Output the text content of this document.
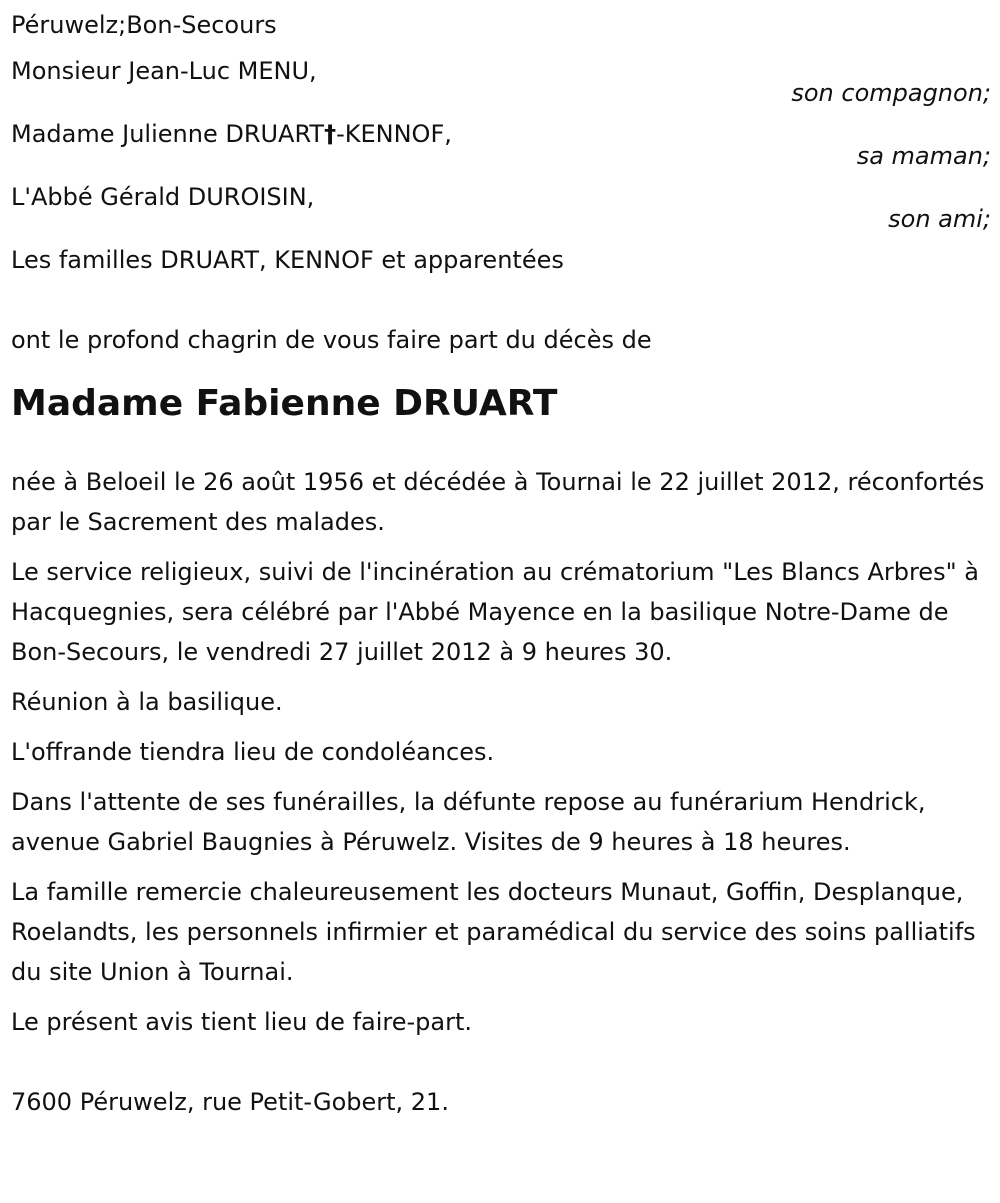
Péruwelz;Bon-Secours

Monsieur Jean-Luc MENU,
son compagnon;
Madame Julienne DRUART†-KENNOF,
sa maman;
L'Abbé Gérald DUROISIN,
son ami;

Les familles DRUART, KENNOF et apparentées

ont le profond chagrin de vous faire part du décès de

Madame Fabienne DRUART

née à Beloeil le 26 août 1956 et décédée à Tournai le 22 juillet 2012, réconfortés par le Sacrement des malades.

Le service religieux, suivi de l'incinération au crématorium "Les Blancs Arbres" à Hacquegnies, sera célébré par l'Abbé Mayence en la basilique Notre-Dame de Bon-Secours, le vendredi 27 juillet 2012 à 9 heures 30.

Réunion à la basilique.

L'offrande tiendra lieu de condoléances.

Dans l'attente de ses funérailles, la défunte repose au funérarium Hendrick, avenue Gabriel Baugnies à Péruwelz. Visites de 9 heures à 18 heures.

La famille remercie chaleureusement les docteurs Munaut, Goffin, Desplanque, Roelandts, les personnels infirmier et paramédical du service des soins palliatifs du site Union à Tournai.

Le présent avis tient lieu de faire-part.

7600 Péruwelz, rue Petit-Gobert, 21.
